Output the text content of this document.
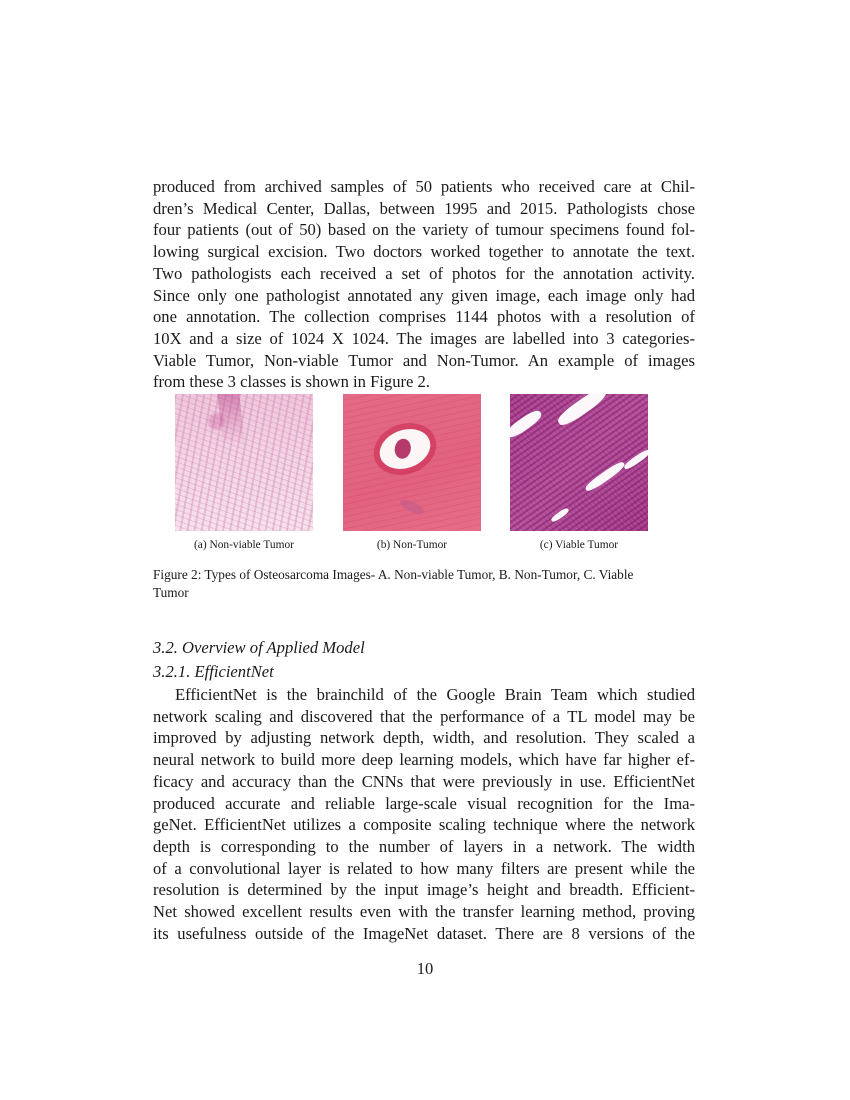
produced from archived samples of 50 patients who received care at Chil-
dren’s Medical Center, Dallas, between 1995 and 2015. Pathologists chose
four patients (out of 50) based on the variety of tumour specimens found fol-
lowing surgical excision. Two doctors worked together to annotate the text.
Two pathologists each received a set of photos for the annotation activity.
Since only one pathologist annotated any given image, each image only had
one annotation. The collection comprises 1144 photos with a resolution of
10X and a size of 1024 X 1024. The images are labelled into 3 categories-
Viable Tumor, Non-viable Tumor and Non-Tumor. An example of images
from these 3 classes is shown in Figure 2.

(a) Non-viable Tumor	(b) Non-Tumor	(c) Viable Tumor
Figure 2: Types of Osteosarcoma Images- A. Non-viable Tumor, B. Non-Tumor, C. Viable
Tumor
3.2. Overview of Applied Model
3.2.1. EfficientNet

EfficientNet is the brainchild of the Google Brain Team which studied
network scaling and discovered that the performance of a TL model may be
improved by adjusting network depth, width, and resolution. They scaled a
neural network to build more deep learning models, which have far higher ef-
ficacy and accuracy than the CNNs that were previously in use. EfficientNet
produced accurate and reliable large-scale visual recognition for the Ima-
geNet. EfficientNet utilizes a composite scaling technique where the network
depth is corresponding to the number of layers in a network. The width
of a convolutional layer is related to how many filters are present while the
resolution is determined by the input image’s height and breadth. Efficient-
Net showed excellent results even with the transfer learning method, proving
its usefulness outside of the ImageNet dataset. There are 8 versions of the

10
